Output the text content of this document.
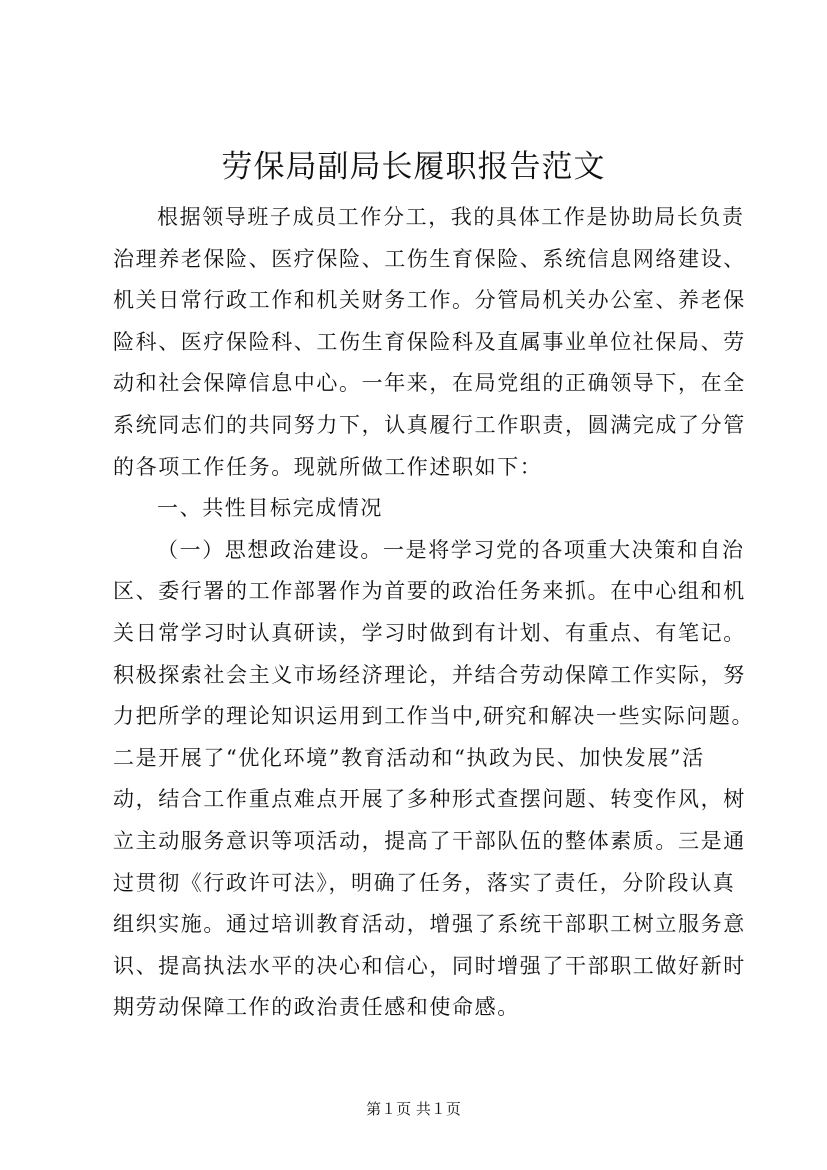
劳保局副局长履职报告范文
根据领导班子成员工作分工，我的具体工作是协助局长负责
治理养老保险、医疗保险、工伤生育保险、系统信息网络建设、
机关日常行政工作和机关财务工作。分管局机关办公室、养老保
险科、医疗保险科、工伤生育保险科及直属事业单位社保局、劳
动和社会保障信息中心。一年来，在局党组的正确领导下，在全
系统同志们的共同努力下，认真履行工作职责，圆满完成了分管
的各项工作任务。现就所做工作述职如下：
一、共性目标完成情况
（一）思想政治建设。一是将学习党的各项重大决策和自治
区、委行署的工作部署作为首要的政治任务来抓。在中心组和机
关日常学习时认真研读，学习时做到有计划、有重点、有笔记。
积极探索社会主义市场经济理论，并结合劳动保障工作实际，努
力把所学的理论知识运用到工作当中,研究和解决一些实际问题。
二是开展了“优化环境”教育活动和“执政为民、加快发展”活
动，结合工作重点难点开展了多种形式查摆问题、转变作风，树
立主动服务意识等项活动，提高了干部队伍的整体素质。三是通
过贯彻《行政许可法》，明确了任务，落实了责任，分阶段认真
组织实施。通过培训教育活动，增强了系统干部职工树立服务意
识、提高执法水平的决心和信心，同时增强了干部职工做好新时
期劳动保障工作的政治责任感和使命感。
第１页 共１页
